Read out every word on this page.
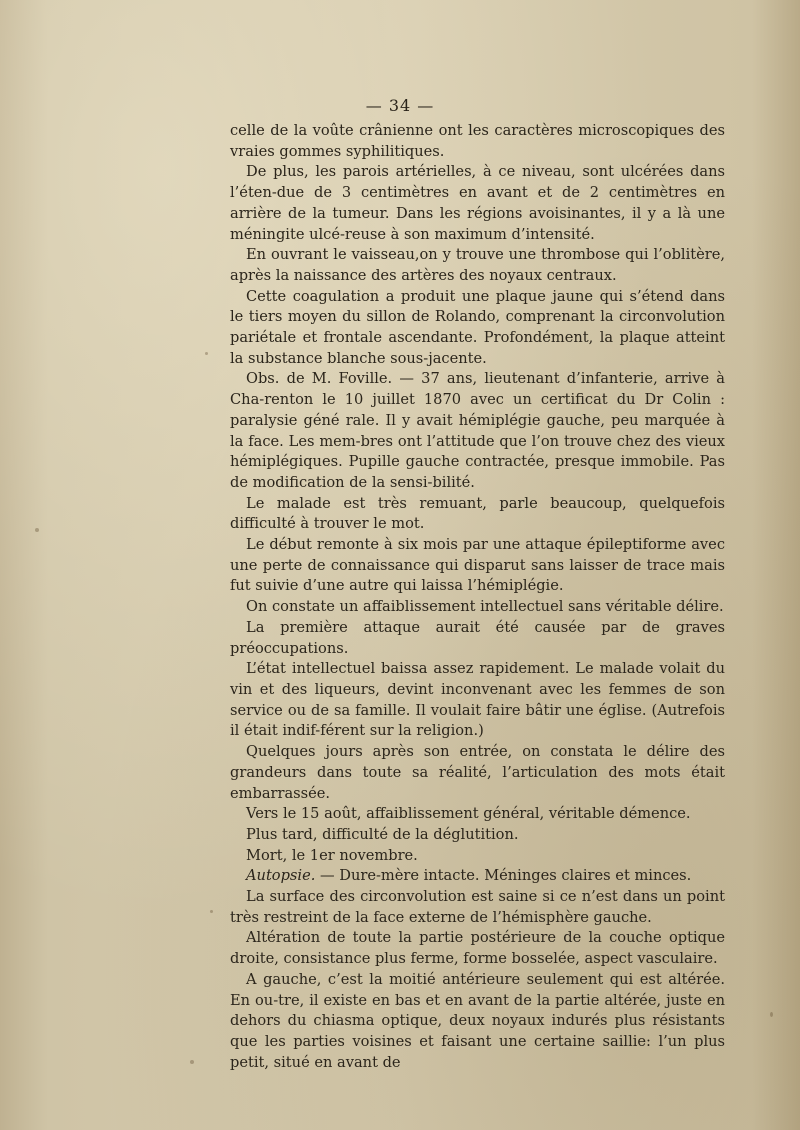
— 34 —

celle de la voûte crânienne ont les caractères microscopiques des vraies gommes syphilitiques.

De plus, les parois artérielles, à ce niveau, sont ulcérées dans l’éten-due de 3 centimètres en avant et de 2 centimètres en arrière de la tumeur. Dans les régions avoisinantes, il y a là une méningite ulcé-reuse à son maximum d’intensité.

En ouvrant le vaisseau,on y trouve une thrombose qui l’oblitère, après la naissance des artères des noyaux centraux.

Cette coagulation a produit une plaque jaune qui s’étend dans le tiers moyen du sillon de Rolando, comprenant la circonvolution pariétale et frontale ascendante. Profondément, la plaque atteint la substance blanche sous-jacente.

Obs. de M. Foville. — 37 ans, lieutenant d’infanterie, arrive à Cha-renton le 10 juillet 1870 avec un certificat du Dr Colin : paralysie géné rale. Il y avait hémiplégie gauche, peu marquée à la face. Les mem-bres ont l’attitude que l’on trouve chez des vieux hémiplégiques. Pupille gauche contractée, presque immobile. Pas de modification de la sensi-bilité.

Le malade est très remuant, parle beaucoup, quelquefois difficulté à trouver le mot.

Le début remonte à six mois par une attaque épileptiforme avec une perte de connaissance qui disparut sans laisser de trace mais fut suivie d’une autre qui laissa l’hémiplégie.

On constate un affaiblissement intellectuel sans véritable délire.

La première attaque aurait été causée par de graves préoccupations.

L’état intellectuel baissa assez rapidement. Le malade volait du vin et des liqueurs, devint inconvenant avec les femmes de son service ou de sa famille. Il voulait faire bâtir une église. (Autrefois il était indif-férent sur la religion.)

Quelques jours après son entrée, on constata le délire des grandeurs dans toute sa réalité, l’articulation des mots était embarrassée.

Vers le 15 août, affaiblissement général, véritable démence.

Plus tard, difficulté de la déglutition.

Mort, le 1er novembre.

Autopsie. — Dure-mère intacte. Méninges claires et minces.

La surface des circonvolution est saine si ce n’est dans un point très restreint de la face externe de l’hémisphère gauche.

Altération de toute la partie postérieure de la couche optique droite, consistance plus ferme, forme bosselée, aspect vasculaire.

A gauche, c’est la moitié antérieure seulement qui est altérée. En ou-tre, il existe en bas et en avant de la partie altérée, juste en dehors du chiasma optique, deux noyaux indurés plus résistants que les parties voisines et faisant une certaine saillie: l’un plus petit, situé en avant de
